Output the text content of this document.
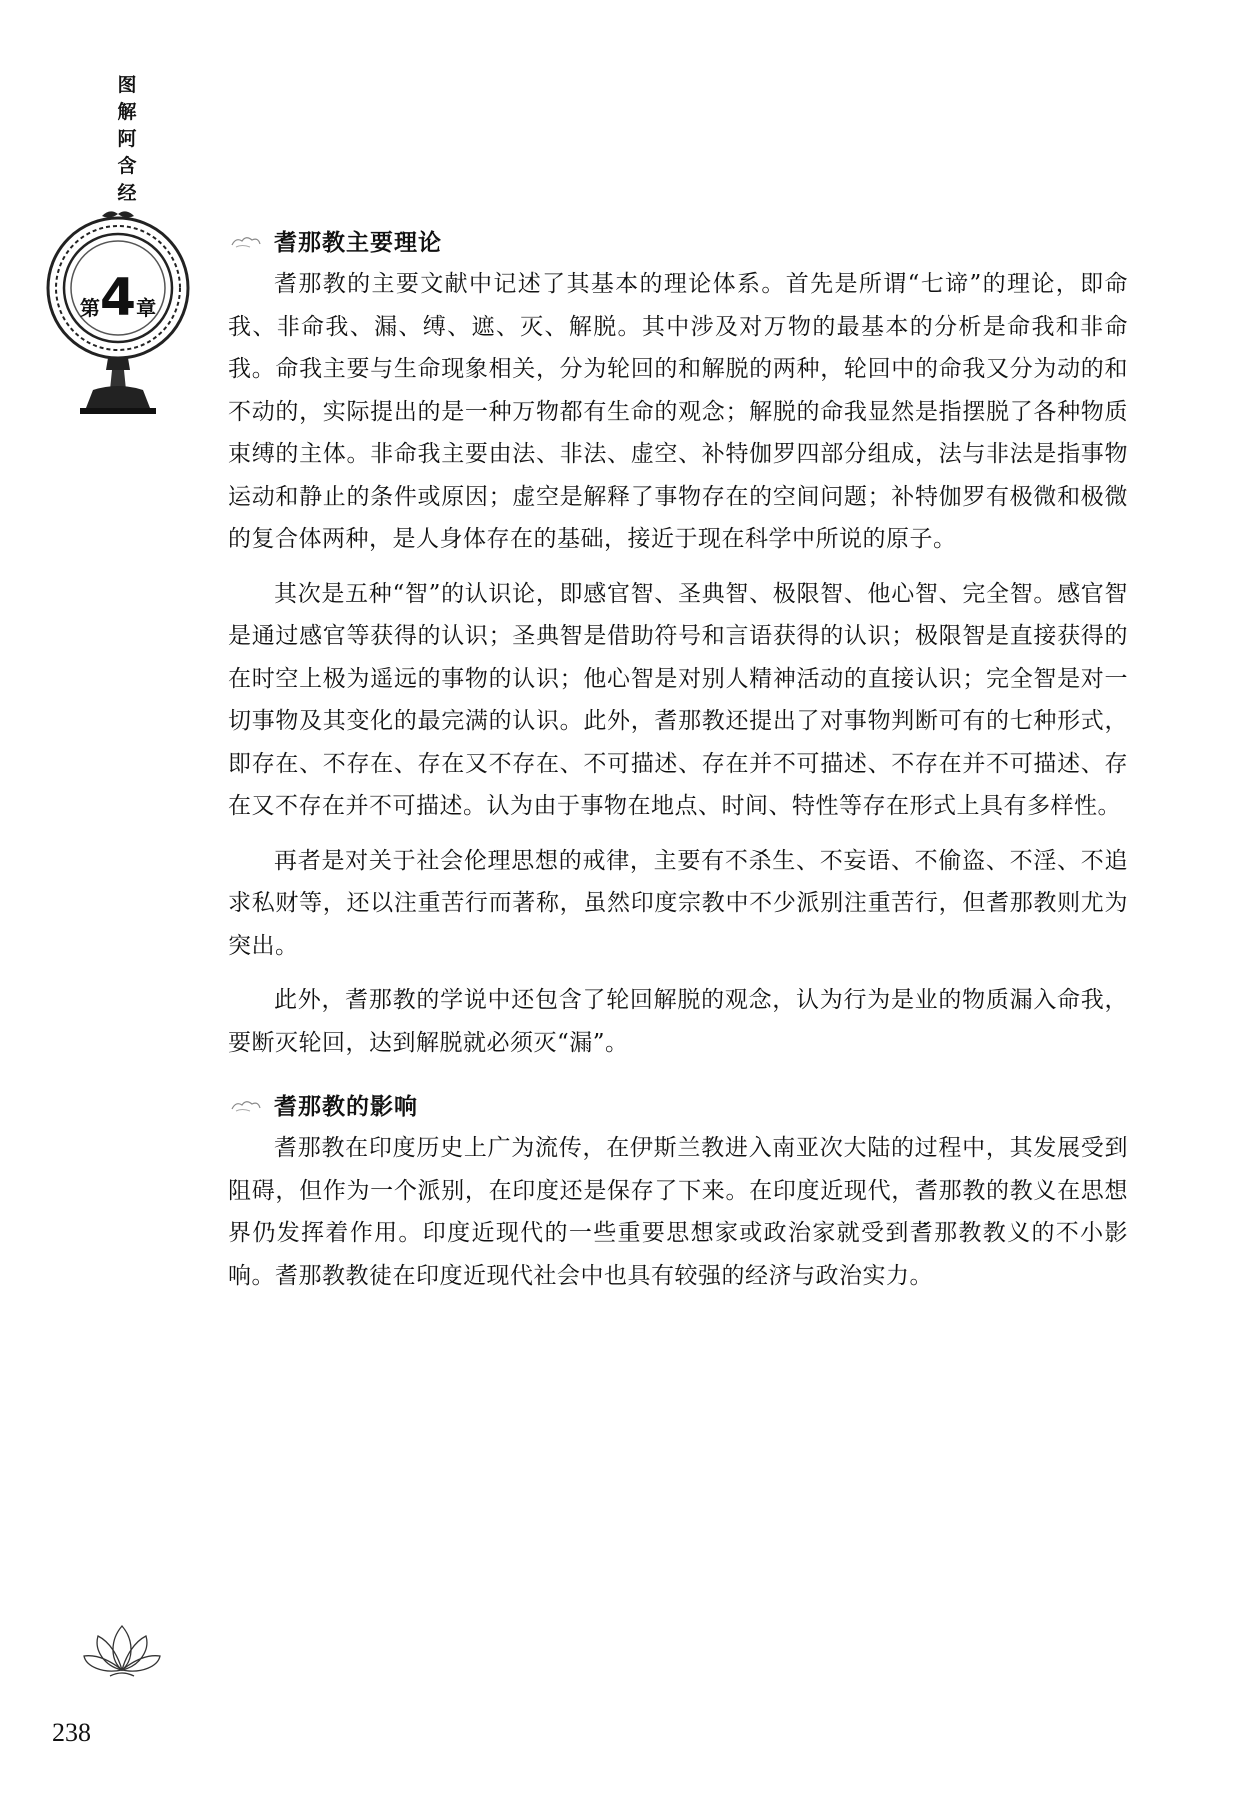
图
解
阿
含
经
第4章
耆那教主要理论

耆那教的主要文献中记述了其基本的理论体系。首先是所谓“七谛”的理论，即命我、非命我、漏、缚、遮、灭、解脱。其中涉及对万物的最基本的分析是命我和非命我。命我主要与生命现象相关，分为轮回的和解脱的两种，轮回中的命我又分为动的和不动的，实际提出的是一种万物都有生命的观念；解脱的命我显然是指摆脱了各种物质束缚的主体。非命我主要由法、非法、虚空、补特伽罗四部分组成，法与非法是指事物运动和静止的条件或原因；虚空是解释了事物存在的空间问题；补特伽罗有极微和极微的复合体两种，是人身体存在的基础，接近于现在科学中所说的原子。

其次是五种“智”的认识论，即感官智、圣典智、极限智、他心智、完全智。感官智是通过感官等获得的认识；圣典智是借助符号和言语获得的认识；极限智是直接获得的在时空上极为遥远的事物的认识；他心智是对别人精神活动的直接认识；完全智是对一切事物及其变化的最完满的认识。此外，耆那教还提出了对事物判断可有的七种形式，即存在、不存在、存在又不存在、不可描述、存在并不可描述、不存在并不可描述、存在又不存在并不可描述。认为由于事物在地点、时间、特性等存在形式上具有多样性。

再者是对关于社会伦理思想的戒律，主要有不杀生、不妄语、不偷盗、不淫、不追求私财等，还以注重苦行而著称，虽然印度宗教中不少派别注重苦行，但耆那教则尤为突出。

此外，耆那教的学说中还包含了轮回解脱的观念，认为行为是业的物质漏入命我，要断灭轮回，达到解脱就必须灭“漏”。

耆那教的影响

耆那教在印度历史上广为流传，在伊斯兰教进入南亚次大陆的过程中，其发展受到阻碍，但作为一个派别，在印度还是保存了下来。在印度近现代，耆那教的教义在思想界仍发挥着作用。印度近现代的一些重要思想家或政治家就受到耆那教教义的不小影响。耆那教教徒在印度近现代社会中也具有较强的经济与政治实力。

238
